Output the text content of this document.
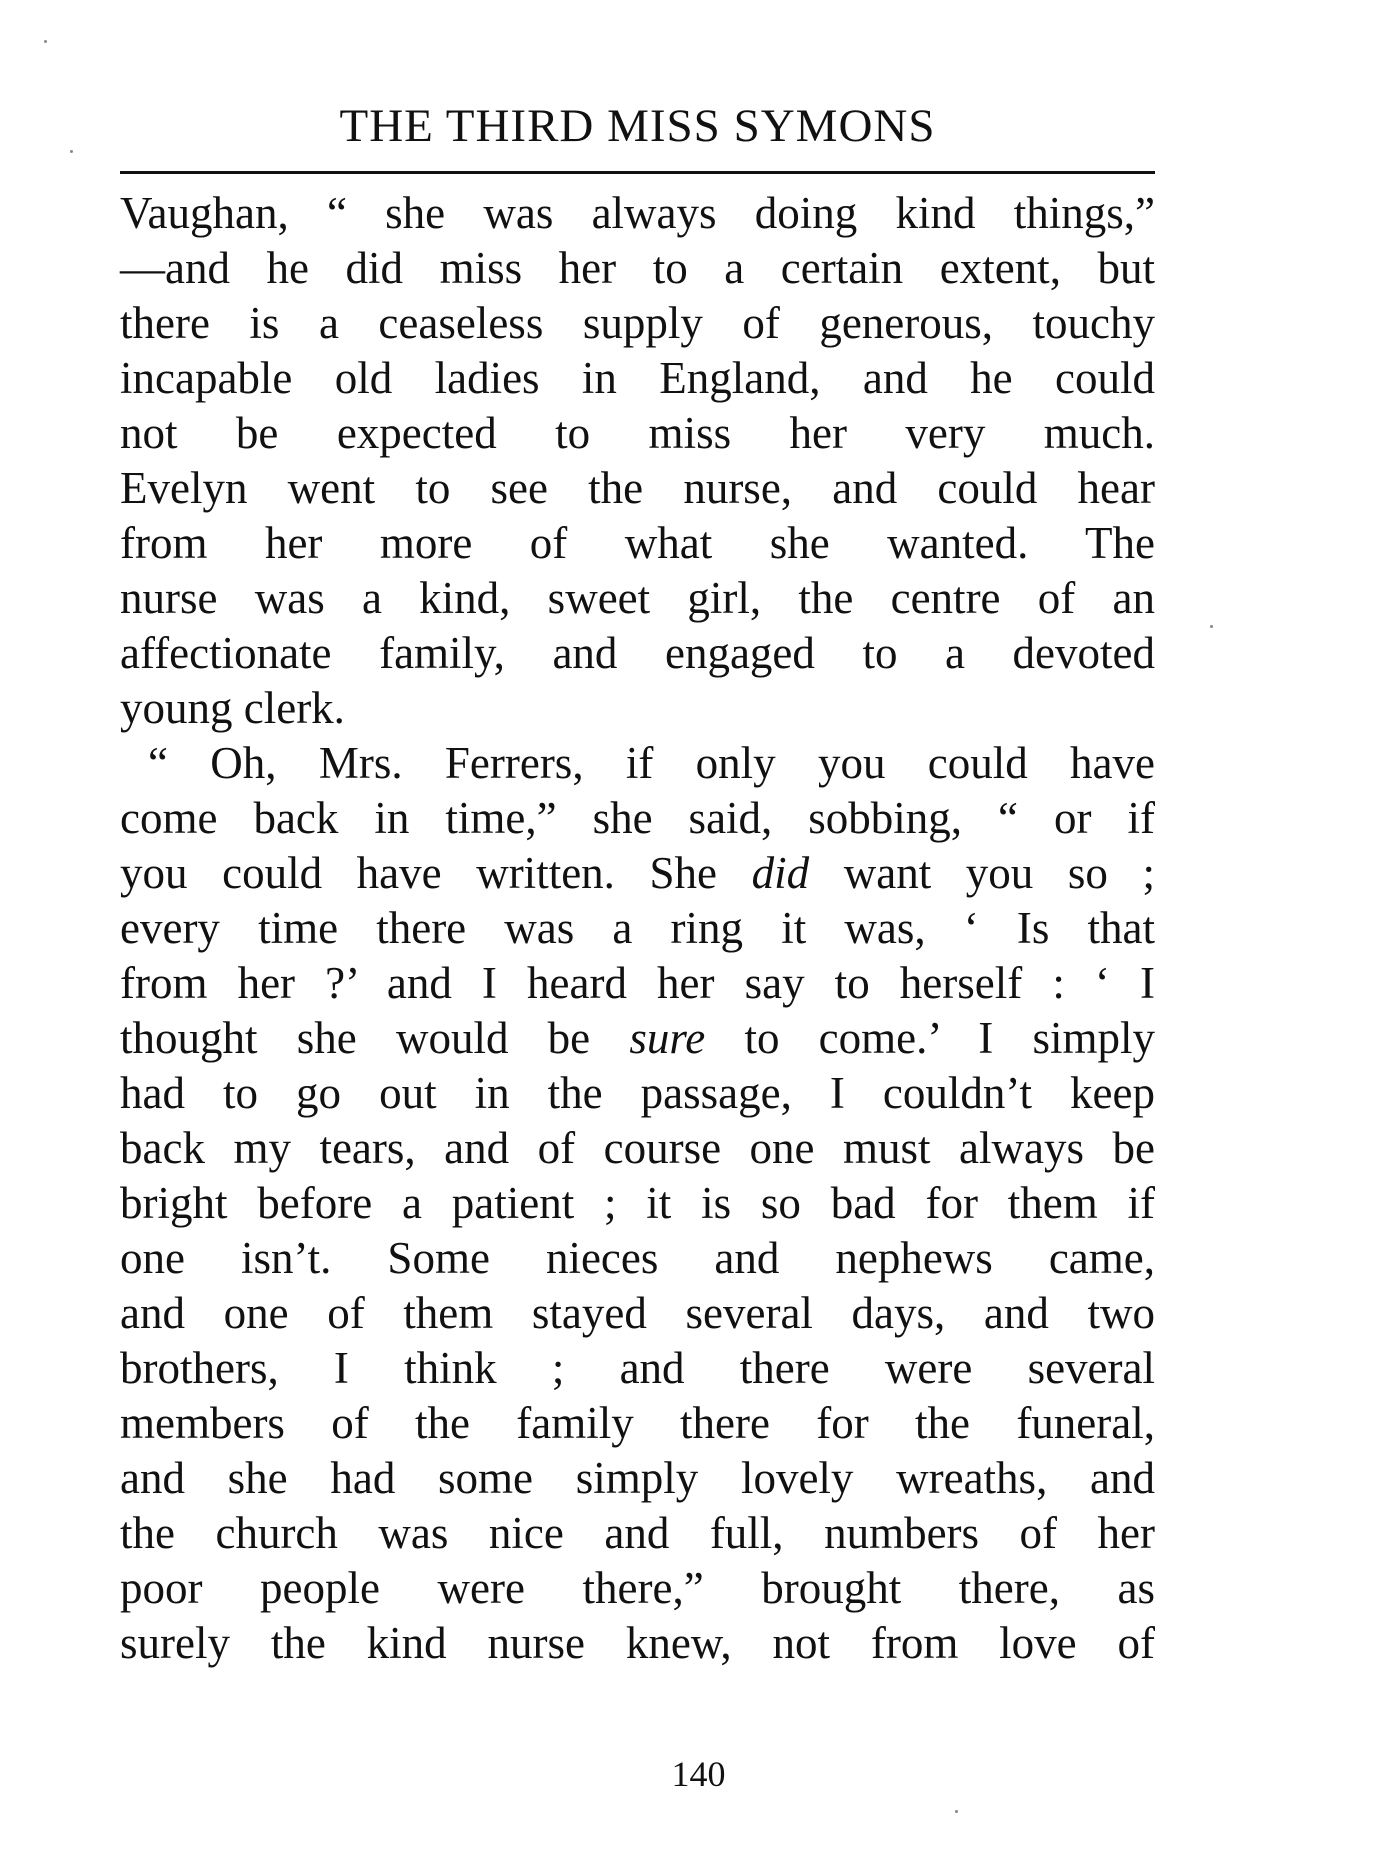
THE THIRD MISS SYMONS
Vaughan, “ she was always doing kind things,”
—and he did miss her to a certain extent, but
there is a ceaseless supply of generous, touchy
incapable old ladies in England, and he could
not be expected to miss her very much.
Evelyn went to see the nurse, and could hear
from her more of what she wanted. The
nurse was a kind, sweet girl, the centre of an
affectionate family, and engaged to a devoted
young clerk.
“ Oh, Mrs. Ferrers, if only you could have
come back in time,” she said, sobbing, “ or if
you could have written. She did want you so ;
every time there was a ring it was, ‘ Is that
from her ?’ and I heard her say to herself : ‘ I
thought she would be sure to come.’ I simply
had to go out in the passage, I couldn’t keep
back my tears, and of course one must always be
bright before a patient ; it is so bad for them if
one isn’t. Some nieces and nephews came,
and one of them stayed several days, and two
brothers, I think ; and there were several
members of the family there for the funeral,
and she had some simply lovely wreaths, and
the church was nice and full, numbers of her
poor people were there,” brought there, as
surely the kind nurse knew, not from love of
140
